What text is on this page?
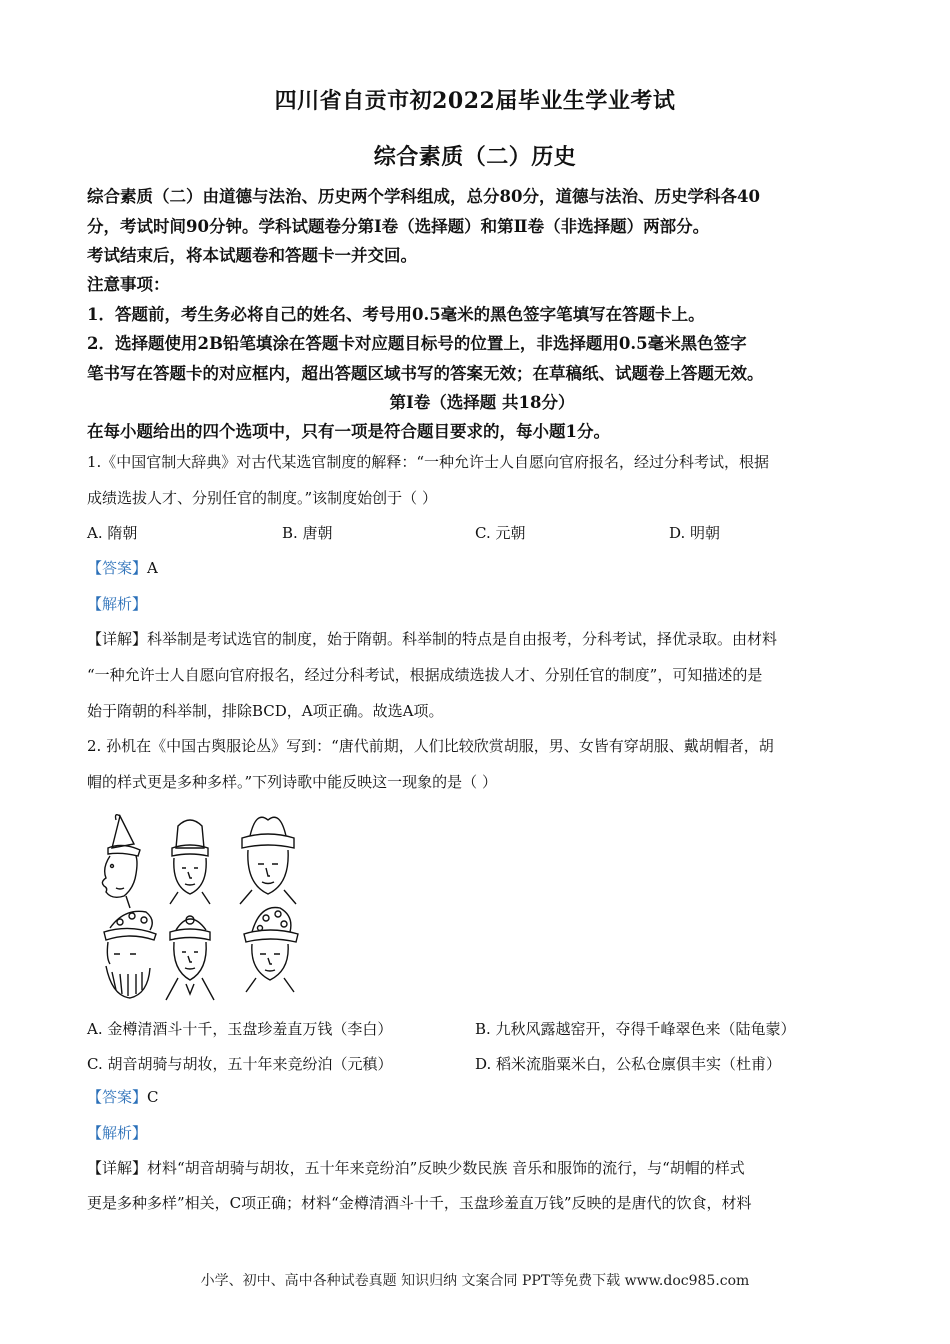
四川省自贡市初2022届毕业生学业考试
综合素质（二）历史
综合素质（二）由道德与法治、历史两个学科组成，总分80分，道德与法治、历史学科各40
分，考试时间90分钟。学科试题卷分第Ⅰ卷（选择题）和第Ⅱ卷（非选择题）两部分。
考试结束后，将本试题卷和答题卡一并交回。
注意事项：
1．答题前，考生务必将自己的姓名、考号用0.5毫米的黑色签字笔填写在答题卡上。
2．选择题使用2B铅笔填涂在答题卡对应题目标号的位置上，非选择题用0.5毫米黑色签字
笔书写在答题卡的对应框内，超出答题区域书写的答案无效；在草稿纸、试题卷上答题无效。
第Ⅰ卷（选择题 共18分）
在每小题给出的四个选项中，只有一项是符合题目要求的，每小题1分。
1.《中国官制大辞典》对古代某选官制度的解释：“一种允许士人自愿向官府报名，经过分科考试，根据
成绩选拔人才、分别任官的制度。”该制度始创于（ ）
A. 隋朝	B. 唐朝	C. 元朝	D. 明朝
【答案】A
【解析】
【详解】科举制是考试选官的制度，始于隋朝。科举制的特点是自由报考，分科考试，择优录取。由材料
“一种允许士人自愿向官府报名，经过分科考试，根据成绩选拔人才、分别任官的制度”，可知描述的是
始于隋朝的科举制，排除BCD，A项正确。故选A项。
2. 孙机在《中国古舆服论丛》写到：“唐代前期，人们比较欣赏胡服，男、女皆有穿胡服、戴胡帽者，胡
帽的样式更是多种多样。”下列诗歌中能反映这一现象的是（ ）
A. 金樽清酒斗十千，玉盘珍羞直万钱（李白）	B. 九秋风露越窑开，夺得千峰翠色来（陆龟蒙）
C. 胡音胡骑与胡妆，五十年来竞纷泊（元稹）	D. 稻米流脂粟米白，公私仓廪俱丰实（杜甫）
【答案】C
【解析】
【详解】材料“胡音胡骑与胡妆，五十年来竞纷泊”反映少数民族 音乐和服饰的流行，与“胡帽的样式
更是多种多样”相关，C项正确；材料“金樽清酒斗十千，玉盘珍羞直万钱”反映的是唐代的饮食，材料
小学、初中、高中各种试卷真题 知识归纳 文案合同 PPT等免费下载 www.doc985.com
